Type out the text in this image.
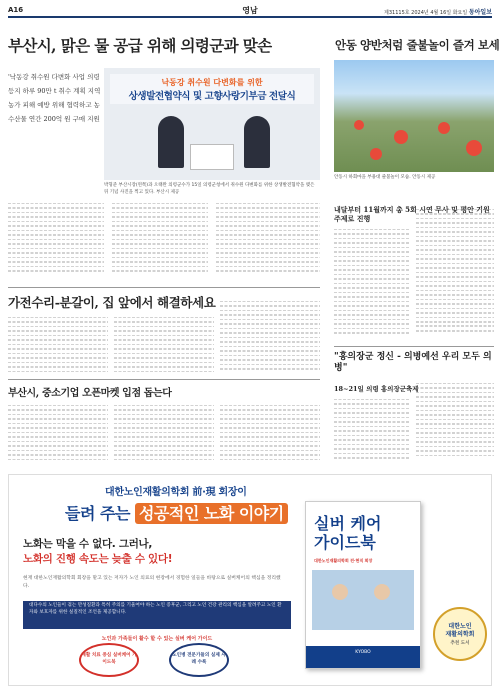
A16	영남	제31115호 2024년 4월 16일 화요일 동아일보
부산시, 맑은 물 공급 위해 의령군과 맞손
'낙동강 취수원 다변화 사업 의령 등지 하루 90만 t 취수 계획 지역 농가 피해 예방 위해 협력하고 농수산물 연간 200억 원 구매 지원
낙동강 취수원 다변화를 위한
상생발전협약식 및 고향사랑기부금 전달식
박형준 부산시장(왼쪽)과 오태완 의령군수가 15일 의령군청에서 취수원 다변화를 위한 상생발전협약을 맺은 뒤 기념 사진을 찍고 있다. 부산시 제공
안동 양반처럼 줄불놀이 즐겨 보세
안동시 하회마을 부용대 줄불놀이 모습. 안동시 제공
내달부터 11월까지 총 5회 시연 무사 및 평안 기원 주제로 진행
가전수리-분갈이, 집 앞에서 해결하세요
부산시, 중소기업 오픈마켓 입점 돕는다
"홍의장군 정신 - 의병예선 우리 모두 의병"
18~21일 의령 홍의장군축제
대한노인재활의학회 前·現 회장이
들려 주는 성공적인 노화 이야기
노화는 막을 수 없다. 그러나,
노화의 진행 속도는 늦출 수 있다!
현재 대한노인재활의학회 회장을 맡고 있는 저자가 노인 의료의 현장에서 경험한 일들을 바탕으로 실버케어의 핵심을 정리했다.
대다수의 노인들이 겪는 만성질환과 특히 주의를 기울여야 하는 노인 증후군, 그리고 노인 건강 관리의 핵심을 알려주고 노인 환자와 보호자를 위한 실질적인 조언을 제공합니다.
노인과 가족들이 활수 할 수 있는 실버 케어 가이드
재활 치료 중심 실버케어 가이드북
노인병 전문가들의 실제 사례 수록
실버 케어
가이드북
대한노인재활의학회 전·현직 회장
KYOBO
대한노인
재활의학회
추천 도서
